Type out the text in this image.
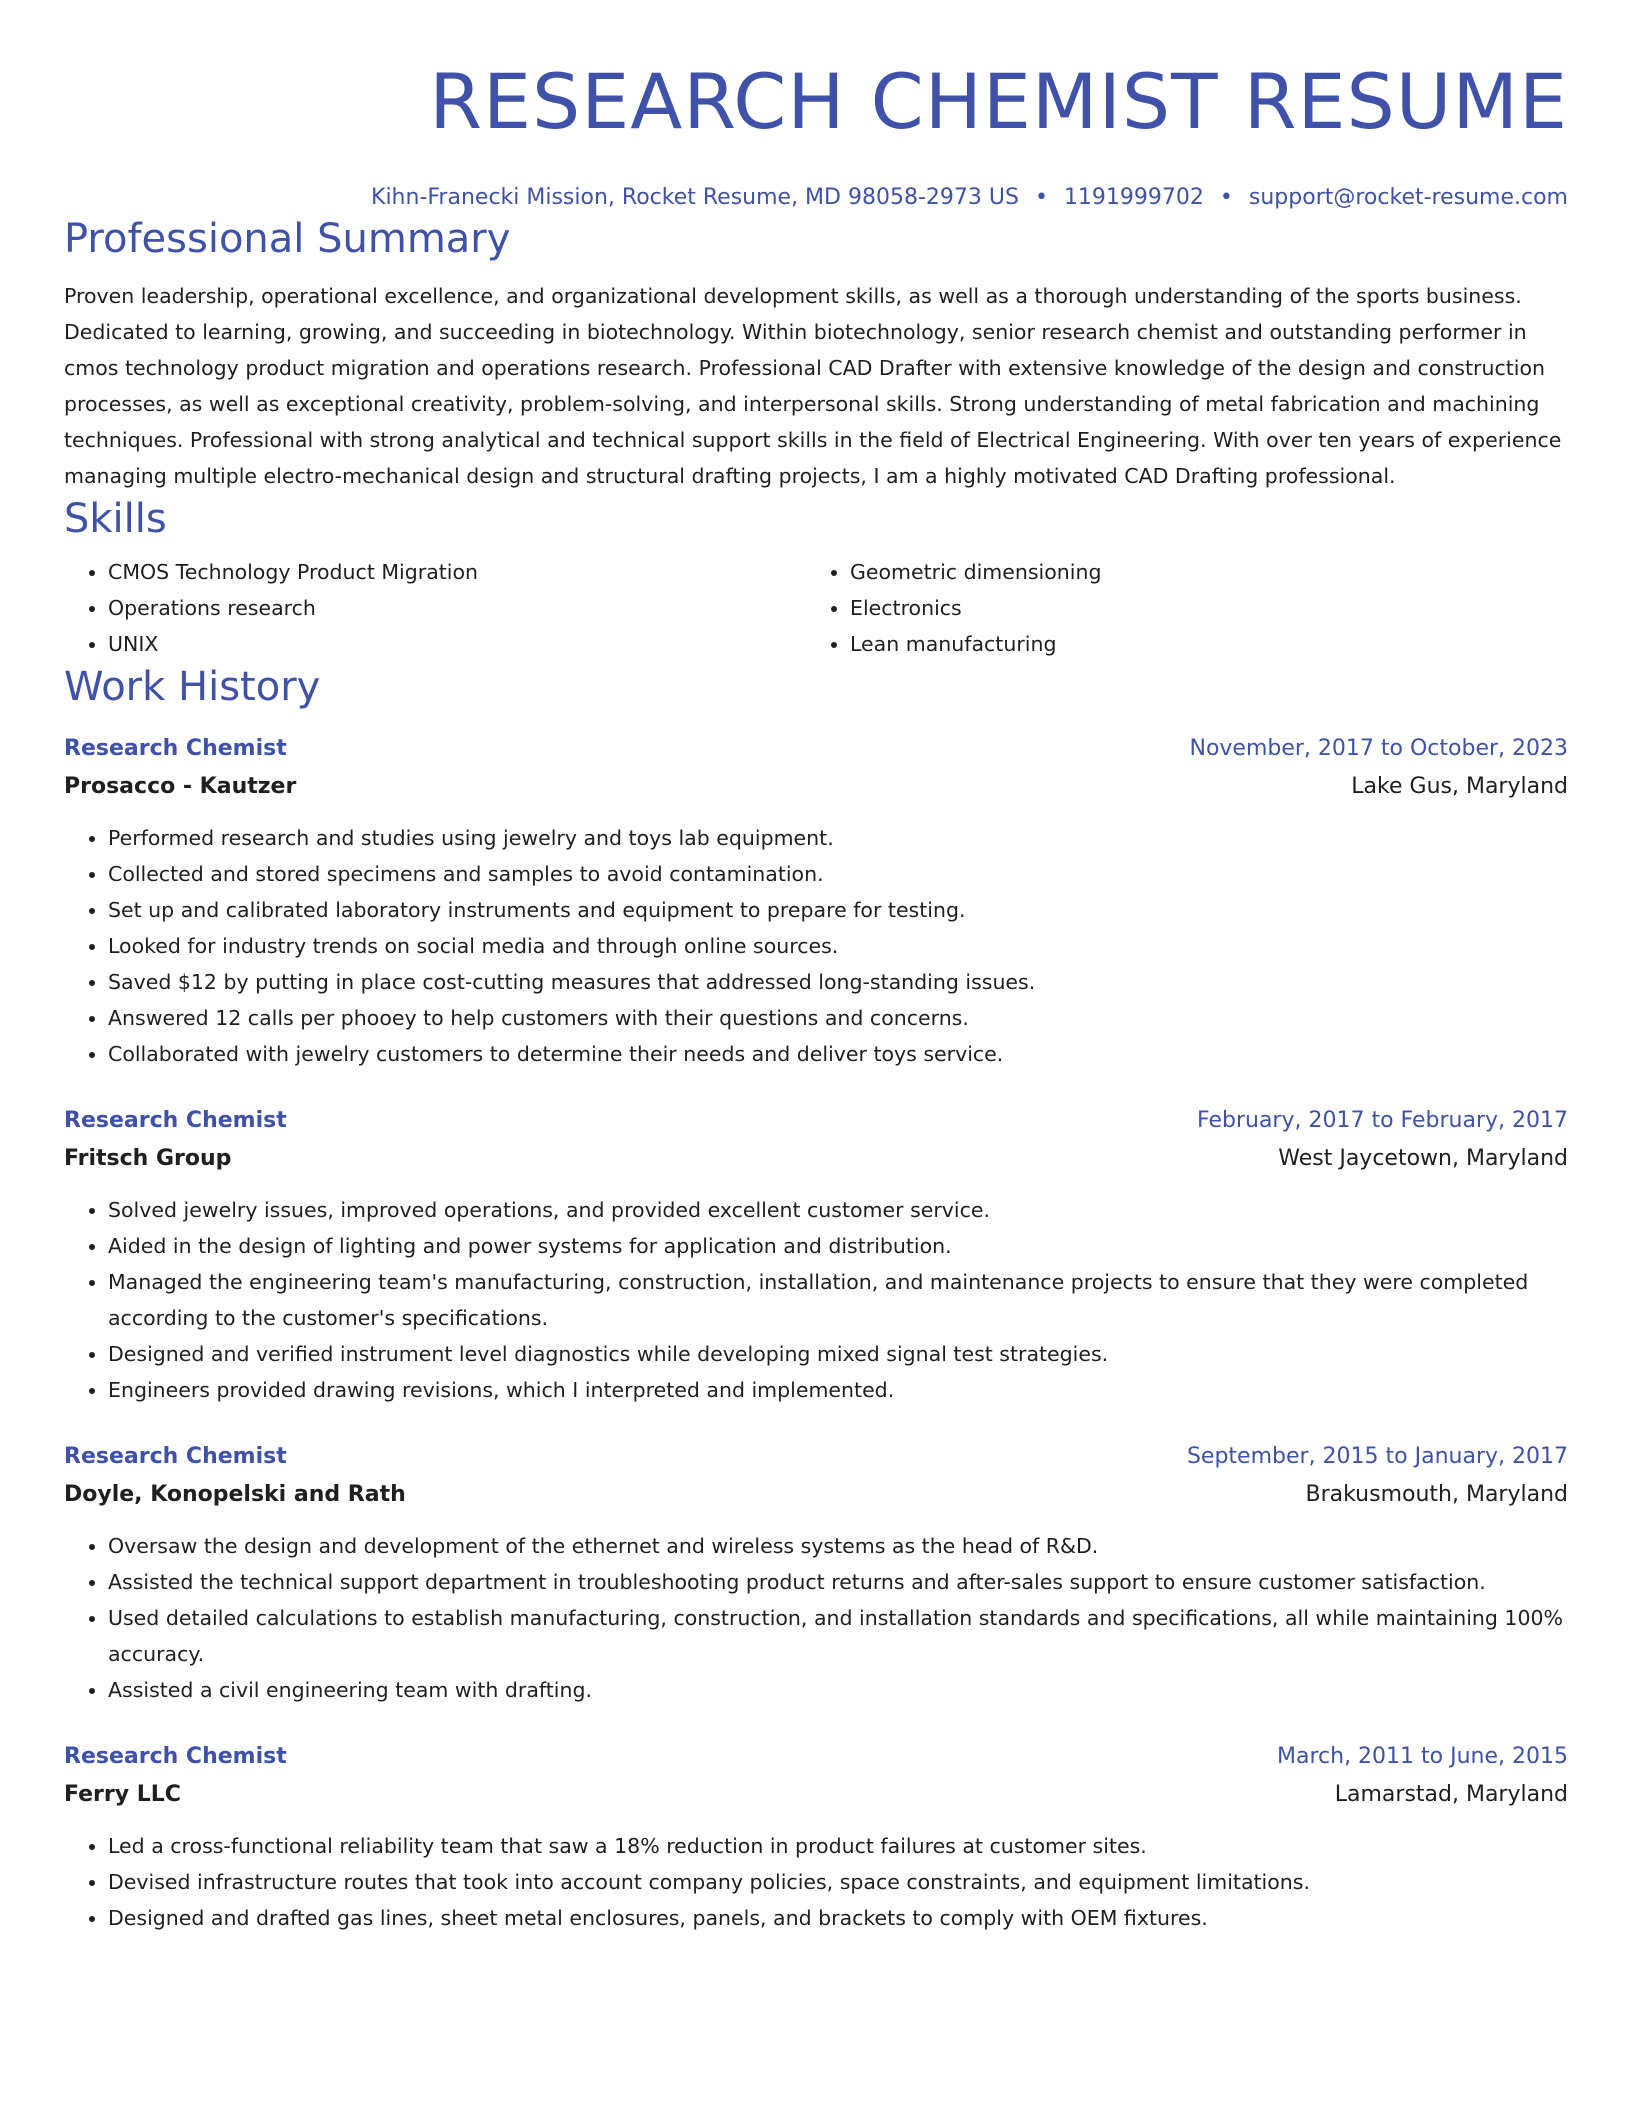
RESEARCH CHEMIST RESUME
Kihn-Franecki Mission, Rocket Resume, MD 98058-2973 US • 1191999702 • support@rocket-resume.com
Professional Summary

Proven leadership, operational excellence, and organizational development skills, as well as a thorough understanding of the sports business. Dedicated to learning, growing, and succeeding in biotechnology. Within biotechnology, senior research chemist and outstanding performer in cmos technology product migration and operations research. Professional CAD Drafter with extensive knowledge of the design and construction processes, as well as exceptional creativity, problem-solving, and interpersonal skills. Strong understanding of metal fabrication and machining techniques. Professional with strong analytical and technical support skills in the field of Electrical Engineering. With over ten years of experience managing multiple electro-mechanical design and structural drafting projects, I am a highly motivated CAD Drafting professional.

Skills
• CMOS Technology Product Migration
• Operations research
• UNIX
• Geometric dimensioning
• Electronics
• Lean manufacturing
Work History
Research Chemist	November, 2017 to October, 2023
Prosacco - Kautzer	Lake Gus, Maryland
• Performed research and studies using jewelry and toys lab equipment.
• Collected and stored specimens and samples to avoid contamination.
• Set up and calibrated laboratory instruments and equipment to prepare for testing.
• Looked for industry trends on social media and through online sources.
• Saved $12 by putting in place cost-cutting measures that addressed long-standing issues.
• Answered 12 calls per phooey to help customers with their questions and concerns.
• Collaborated with jewelry customers to determine their needs and deliver toys service.
Research Chemist	February, 2017 to February, 2017
Fritsch Group	West Jaycetown, Maryland
• Solved jewelry issues, improved operations, and provided excellent customer service.
• Aided in the design of lighting and power systems for application and distribution.
• Managed the engineering team's manufacturing, construction, installation, and maintenance projects to ensure that they were completed according to the customer's specifications.
• Designed and verified instrument level diagnostics while developing mixed signal test strategies.
• Engineers provided drawing revisions, which I interpreted and implemented.
Research Chemist	September, 2015 to January, 2017
Doyle, Konopelski and Rath	Brakusmouth, Maryland
• Oversaw the design and development of the ethernet and wireless systems as the head of R&D.
• Assisted the technical support department in troubleshooting product returns and after-sales support to ensure customer satisfaction.
• Used detailed calculations to establish manufacturing, construction, and installation standards and specifications, all while maintaining 100% accuracy.
• Assisted a civil engineering team with drafting.
Research Chemist	March, 2011 to June, 2015
Ferry LLC	Lamarstad, Maryland
• Led a cross-functional reliability team that saw a 18% reduction in product failures at customer sites.
• Devised infrastructure routes that took into account company policies, space constraints, and equipment limitations.
• Designed and drafted gas lines, sheet metal enclosures, panels, and brackets to comply with OEM fixtures.
